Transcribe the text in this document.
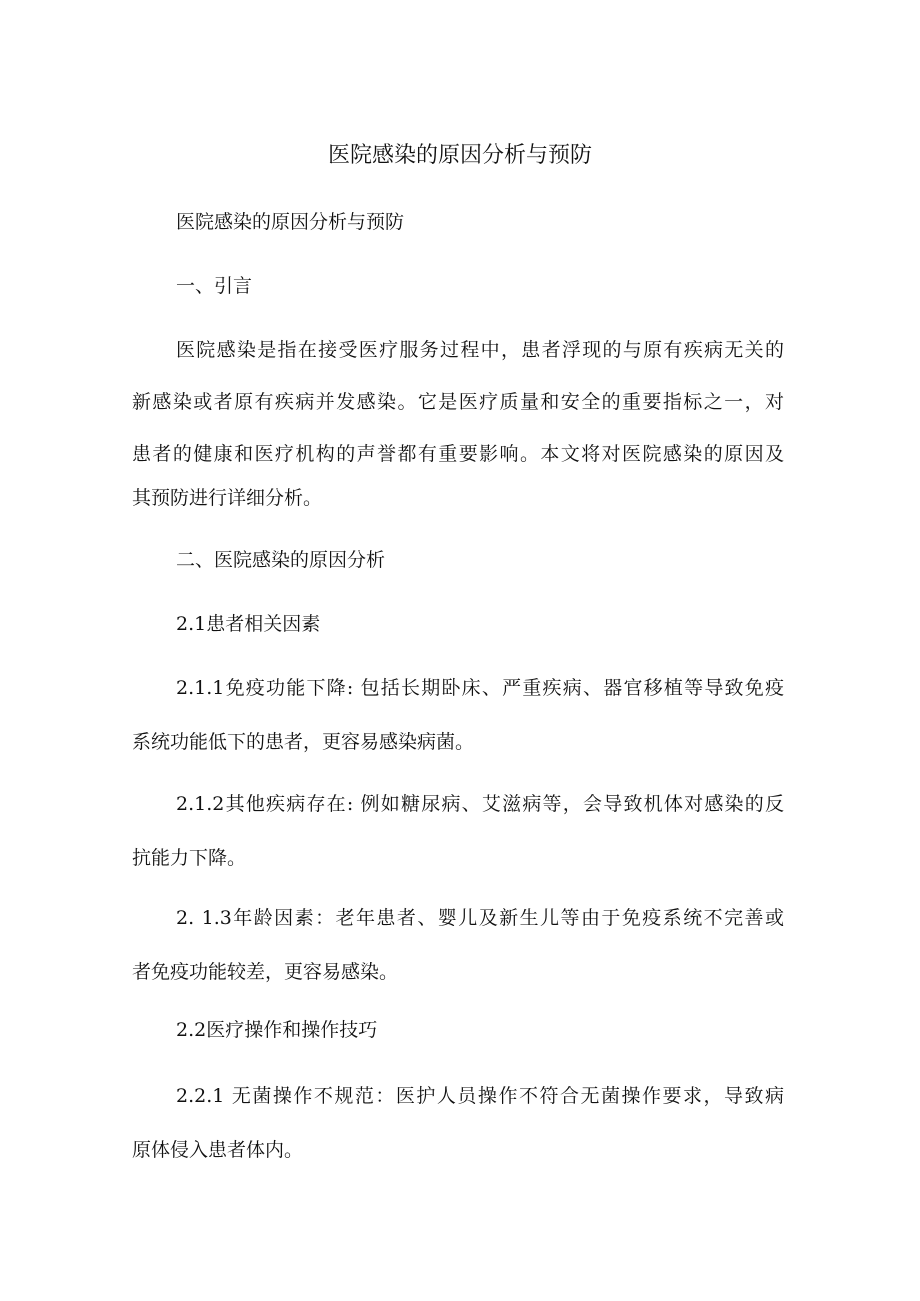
医院感染的原因分析与预防

医院感染的原因分析与预防

一、引言

医院感染是指在接受医疗服务过程中，患者浮现的与原有疾病无关的

新感染或者原有疾病并发感染。它是医疗质量和安全的重要指标之一，对

患者的健康和医疗机构的声誉都有重要影响。本文将对医院感染的原因及

其预防进行详细分析。

二、医院感染的原因分析

2.1患者相关因素

2.1.1免疫功能下降: 包括长期卧床、严重疾病、器官移植等导致免疫

系统功能低下的患者，更容易感染病菌。

2.1.2其他疾病存在: 例如糖尿病、艾滋病等，会导致机体对感染的反

抗能力下降。

2. 1.3年龄因素：老年患者、婴儿及新生儿等由于免疫系统不完善或

者免疫功能较差，更容易感染。

2.2医疗操作和操作技巧

2.2.1 无菌操作不规范：医护人员操作不符合无菌操作要求，导致病

原体侵入患者体内。
